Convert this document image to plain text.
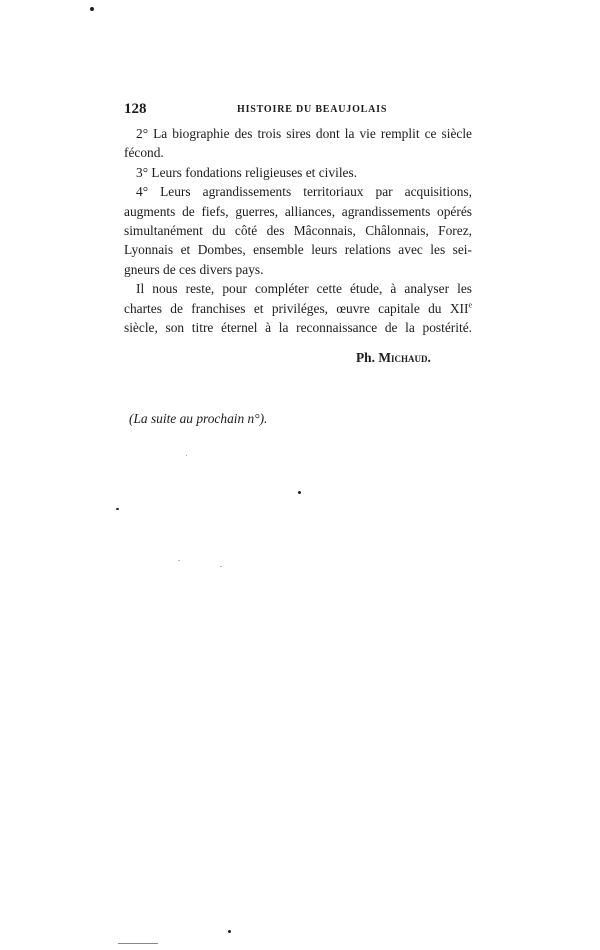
128	HISTOIRE DU BEAUJOLAIS

2° La biographie des trois sires dont la vie remplit ce siècle
fécond.

3° Leurs fondations religieuses et civiles.

4° Leurs agrandissements territoriaux par acquisitions,
augments de fiefs, guerres, alliances, agrandissements opérés
simultanément du côté des Mâconnais, Châlonnais, Forez,
Lyonnais et Dombes, ensemble leurs relations avec les sei-
gneurs de ces divers pays.

Il nous reste, pour compléter cette étude, à analyser les
chartes de franchises et priviléges, œuvre capitale du XIIe
siècle, son titre éternel à la reconnaissance de la postérité.

Ph. Michaud.
(La suite au prochain n°).
